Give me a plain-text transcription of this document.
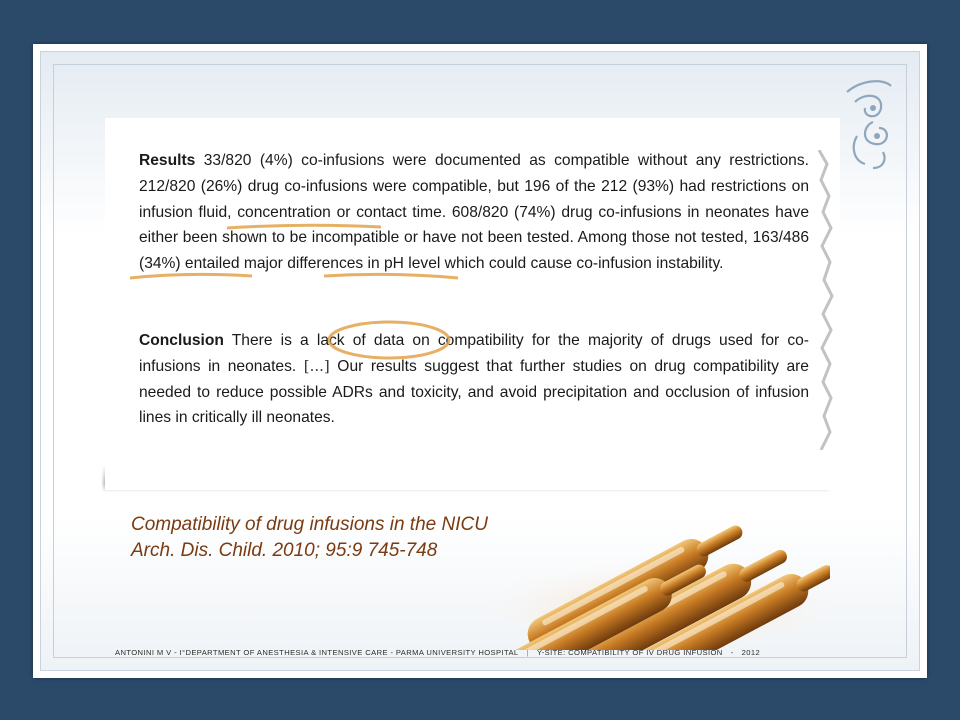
Results 33/820 (4%) co-infusions were documented as compatible without any restrictions. 212/820 (26%) drug co-infusions were compatible, but 196 of the 212 (93%) had restrictions on infusion fluid, concentration or contact time. 608/820 (74%) drug co-infusions in neonates have either been shown to be incompatible or have not been tested. Among those not tested, 163/486 (34%) entailed major differences in pH level which could cause co-infusion instability.

Conclusion There is a lack of data on compatibility for the majority of drugs used for co-infusions in neonates. [...] Our results suggest that further studies on drug compatibility are needed to reduce possible ADRs and toxicity, and avoid precipitation and occlusion of infusion lines in critically ill neonates.

Compatibility of drug infusions in the NICU
Arch. Dis. Child. 2010; 95:9 745-748
ANTONINI M V - I°DEPARTMENT OF ANESTHESIA & INTENSIVE CARE - PARMA UNIVERSITY HOSPITAL | Y-SITE: COMPATIBILITY OF IV DRUG INFUSION - 2012
